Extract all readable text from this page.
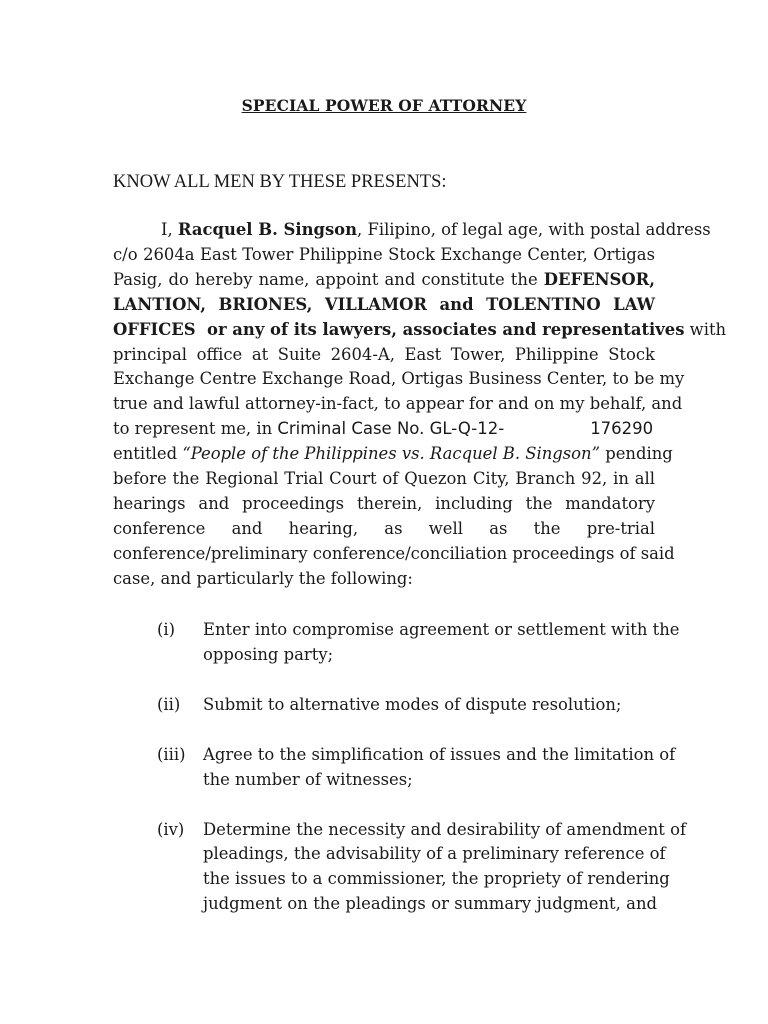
SPECIAL POWER OF ATTORNEY
KNOW ALL MEN BY THESE PRESENTS:
I, Racquel B. Singson, Filipino, of legal age, with postal address
c/o 2604a East Tower Philippine Stock Exchange Center, Ortigas
Pasig, do hereby name, appoint and constitute the DEFENSOR,
LANTION, BRIONES, VILLAMOR and TOLENTINO LAW
OFFICES  or any of its lawyers, associates and representatives with
principal office at Suite 2604-A, East Tower, Philippine Stock
Exchange Centre Exchange Road, Ortigas Business Center, to be my
true and lawful attorney-in-fact, to appear for and on my behalf, and
to represent me, in Criminal Case No. GL-Q-12-	176290
entitled “People of the Philippines vs. Racquel B. Singson” pending
before the Regional Trial Court of Quezon City, Branch 92, in all
hearings and proceedings therein, including the mandatory
conference and hearing, as well as the pre-trial
conference/preliminary conference/conciliation proceedings of said
case, and particularly the following:
(i) Enter into compromise agreement or settlement with the
opposing party;
(ii) Submit to alternative modes of dispute resolution;
(iii) Agree to the simplification of issues and the limitation of
the number of witnesses;
(iv) Determine the necessity and desirability of amendment of
pleadings, the advisability of a preliminary reference of
the issues to a commissioner, the propriety of rendering
judgment on the pleadings or summary judgment, and
